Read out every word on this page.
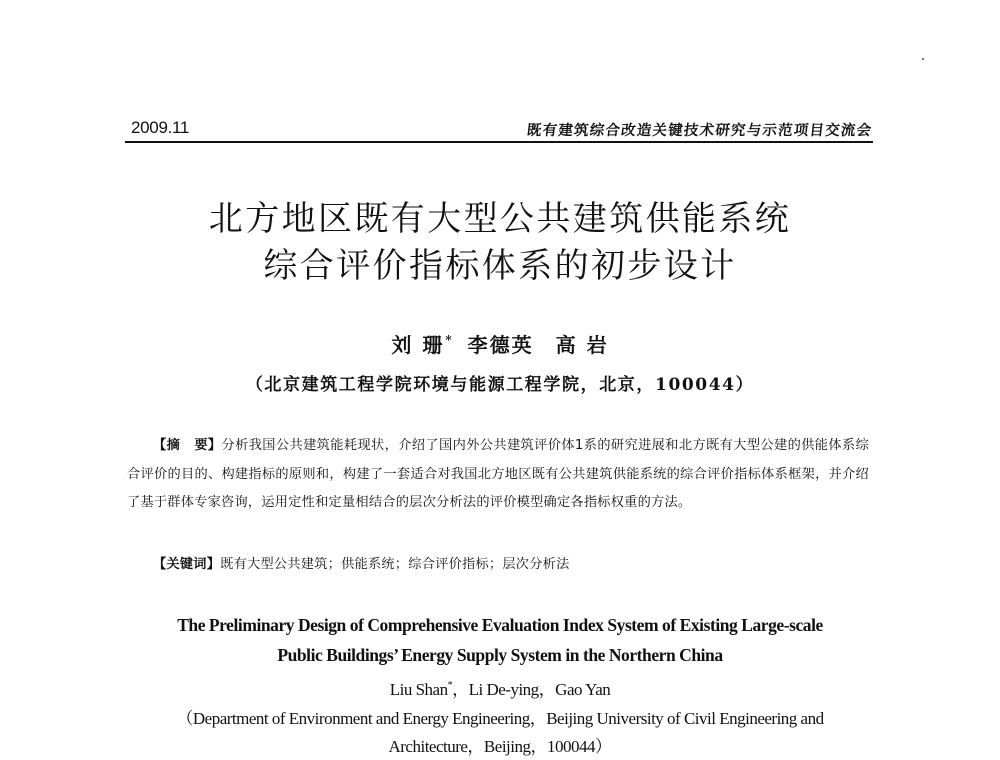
2009.11	既有建筑综合改造关键技术研究与示范项目交流会
北方地区既有大型公共建筑供能系统
综合评价指标体系的初步设计
刘 珊* 李德英 高 岩
（北京建筑工程学院环境与能源工程学院，北京，100044）
【摘 要】分析我国公共建筑能耗现状，介绍了国内外公共建筑评价体1系的研究进展和北方既有大型公建的供能体系综合评价的目的、构建指标的原则和，构建了一套适合对我国北方地区既有公共建筑供能系统的综合评价指标体系框架，并介绍了基于群体专家咨询，运用定性和定量相结合的层次分析法的评价模型确定各指标权重的方法。
【关键词】既有大型公共建筑；供能系统；综合评价指标；层次分析法
The Preliminary Design of Comprehensive Evaluation Index System of Existing Large-scale
Public Buildings’ Energy Supply System in the Northern China
Liu Shan*，Li De-ying，Gao Yan
（Department of Environment and Energy Engineering，Beijing University of Civil Engineering and
Architecture，Beijing，100044）
